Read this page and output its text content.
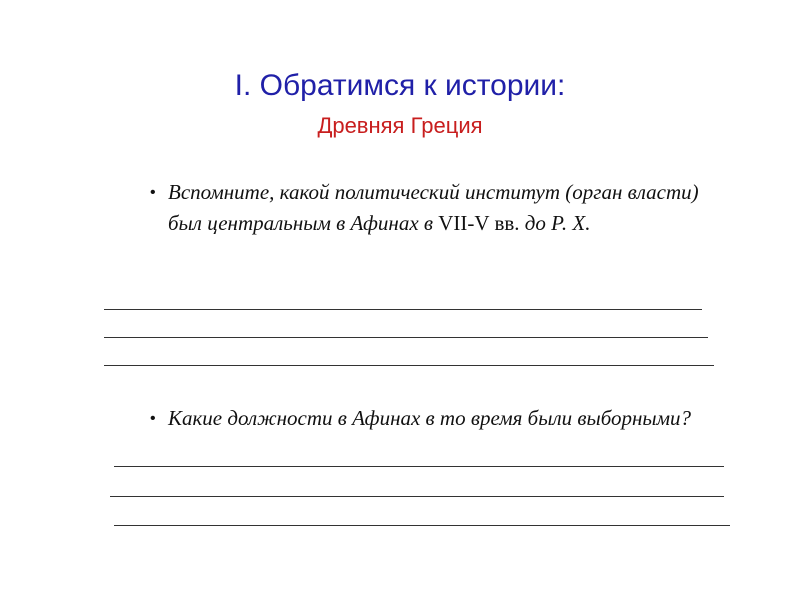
I. Обратимся к истории:
Древняя Греция
• Вспомните, какой политический институт (орган власти) был центральным в Афинах в VII-V вв. до Р. Х.
• Какие должности в Афинах в то время были выборными?
